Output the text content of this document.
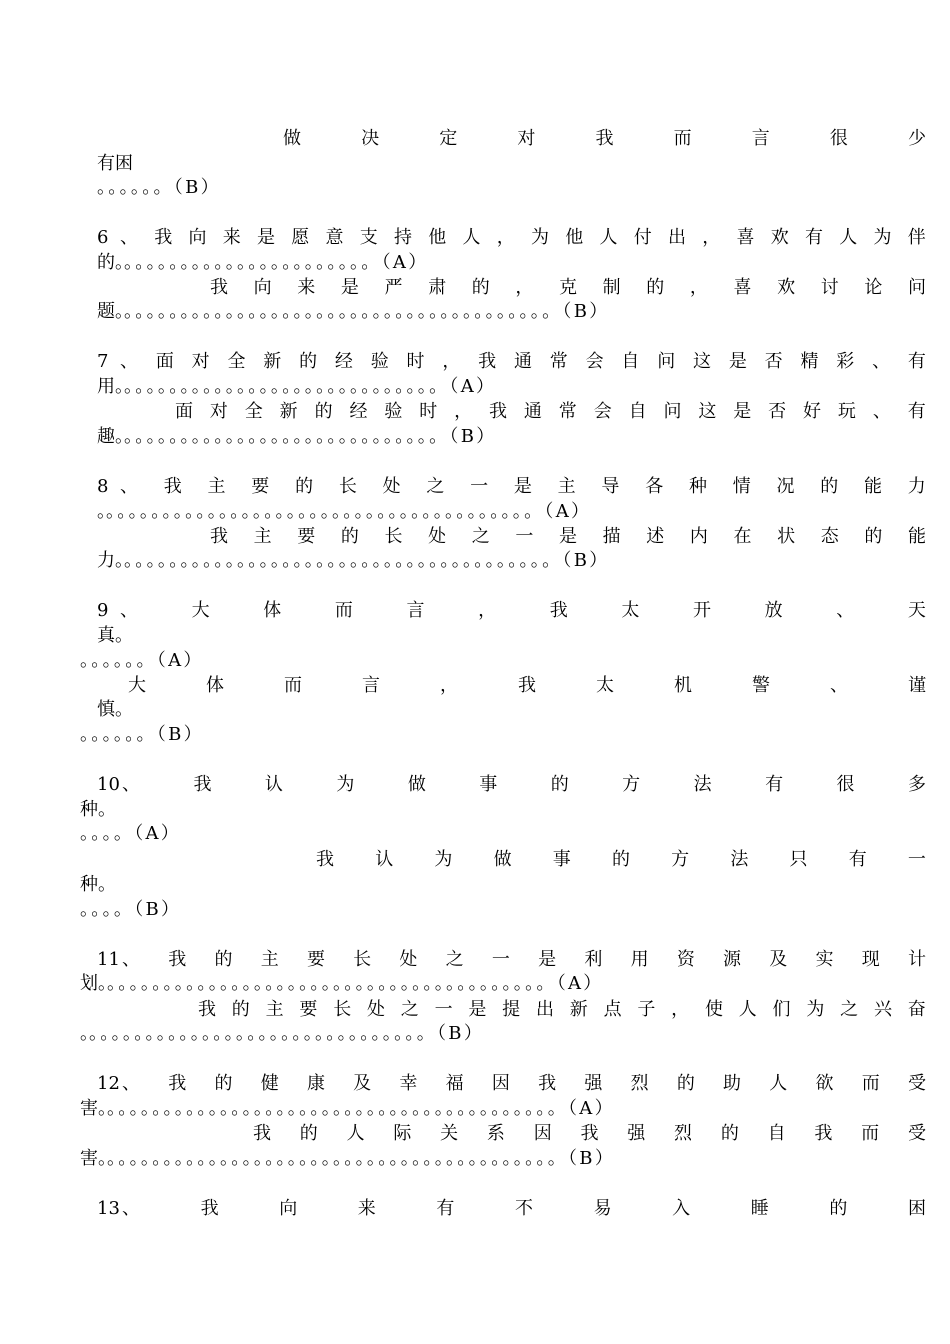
做	决	定	对	我	而	言	很	少
有困
。。。。。。（B）
6 、 我 向 来 是 愿 意 支 持 他 人 ， 为 他 人 付 出 ， 喜 欢 有 人 为 伴
的。。。。。。。。。。。。。。。。。。。。。。。（A）
我 向 来 是 严 肃 的 ， 克 制 的 ， 喜 欢 讨 论 问
题。。。。。。。。。。。。。。。。。。。。。。。。。。。。。。。。。。。。。。。（B）
7 、 面 对 全 新 的 经 验 时 ， 我 通 常 会 自 问 这 是 否 精 彩 、 有
用。。。。。。。。。。。。。。。。。。。。。。。。。。。。。（A）
面 对 全 新 的 经 验 时 ， 我 通 常 会 自 问 这 是 否 好 玩 、 有
趣。。。。。。。。。。。。。。。。。。。。。。。。。。。。。（B）
8 、 我 主 要 的 长 处 之 一 是 主 导 各 种 情 况 的 能 力
。。。。。。。。。。。。。。。。。。。。。。。。。。。。。。。。。。。。。。。（A）
我 主 要 的 长 处 之 一 是 描 述 内 在 状 态 的 能
力。。。。。。。。。。。。。。。。。。。。。。。。。。。。。。。。。。。。。。。（B）
9 、	大	体	而	言	，	我	太	开	放	、	天
真。
。。。。。。（A）
大	体	而	言	，	我	太	机	警	、	谨
慎。
。。。。。。（B）
10 、	我	认	为	做	事	的	方	法	有	很	多
种。
。。。。（A）
我 认 为 做 事 的 方 法 只 有 一
种。
。。。。（B）
11 、 我 的 主 要 长 处 之 一 是 利 用 资 源 及 实 现 计
划。。。。。。。。。。。。。。。。。。。。。。。。。。。。。。。。。。。。。。。。（A）
我 的 主 要 长 处 之 一 是 提 出 新 点 子 ， 使 人 们 为 之 兴 奋
。。。。。。。。。。。。。。。。。。。。。。。。。。。。。。。（B）
12 、 我 的 健 康 及 幸 福 因 我 强 烈 的 助 人 欲 而 受
害。。。。。。。。。。。。。。。。。。。。。。。。。。。。。。。。。。。。。。。。。（A）
我 的 人 际 关 系 因 我 强 烈 的 自 我 而 受
害。。。。。。。。。。。。。。。。。。。。。。。。。。。。。。。。。。。。。。。。。（B）
13 、	我	向	来	有	不	易	入	睡	的	困
